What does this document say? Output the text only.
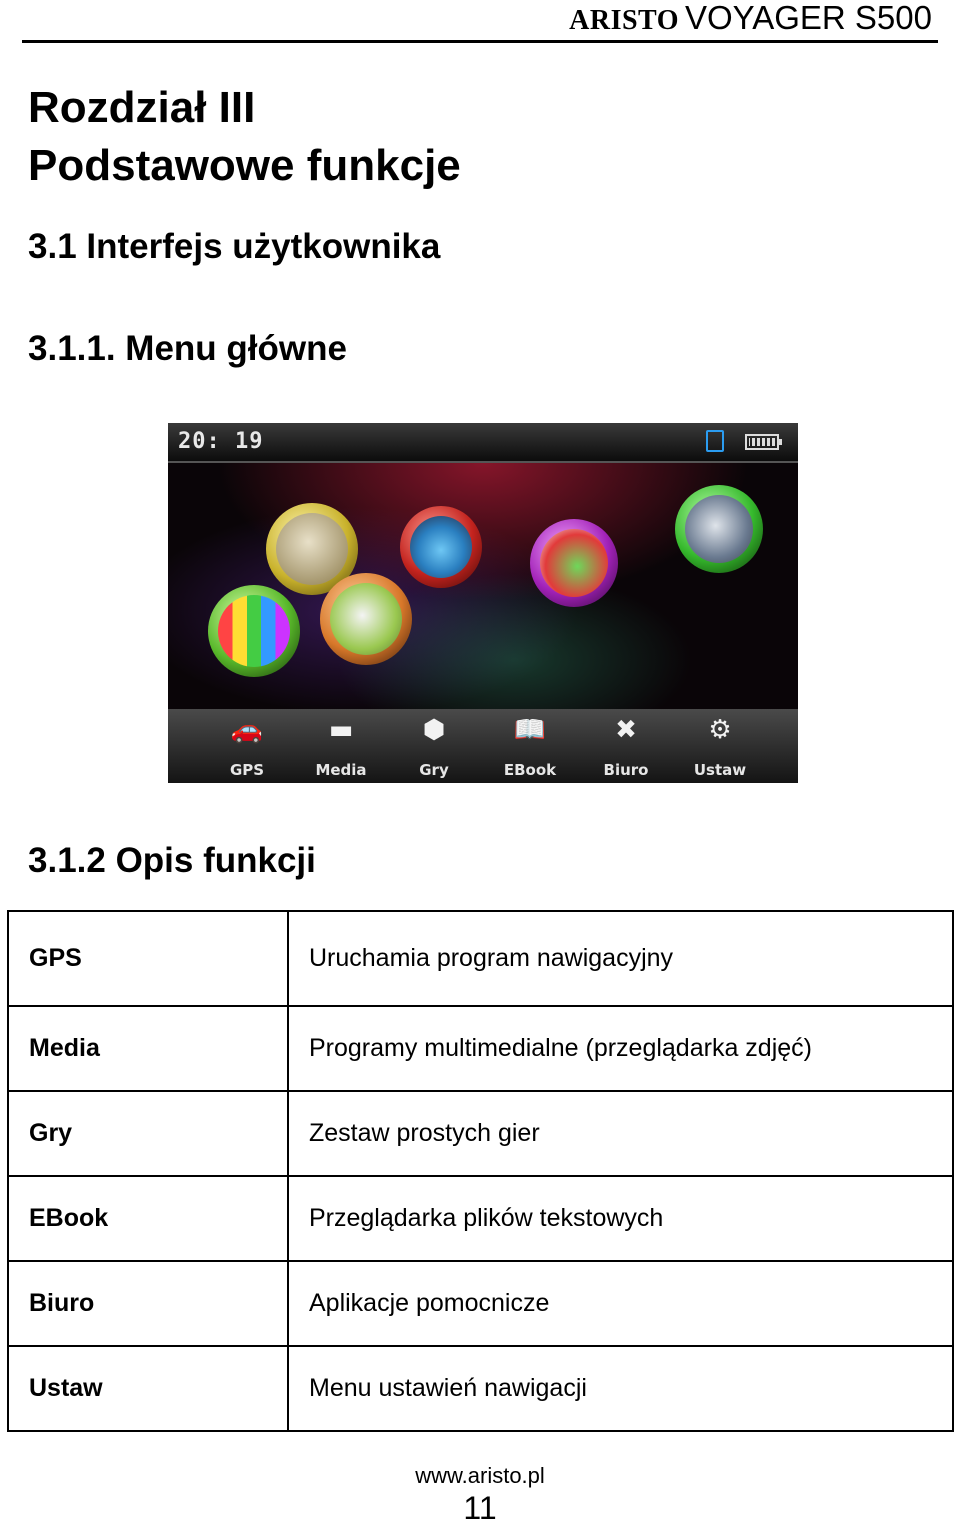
ARISTO VOYAGER S500
Rozdział III
Podstawowe funkcje
3.1 Interfejs użytkownika
3.1.1. Menu główne
20: 19
🚗
GPS
▬
Media
⬢
Gry
📖
EBook
✖
Biuro
⚙
Ustaw
3.1.2 Opis funkcji
GPS	Uruchamia program nawigacyjny
Media	Programy multimedialne (przeglądarka zdjęć)
Gry	Zestaw prostych gier
EBook	Przeglądarka plików tekstowych
Biuro	Aplikacje pomocnicze
Ustaw	Menu ustawień nawigacji
www.aristo.pl
11
